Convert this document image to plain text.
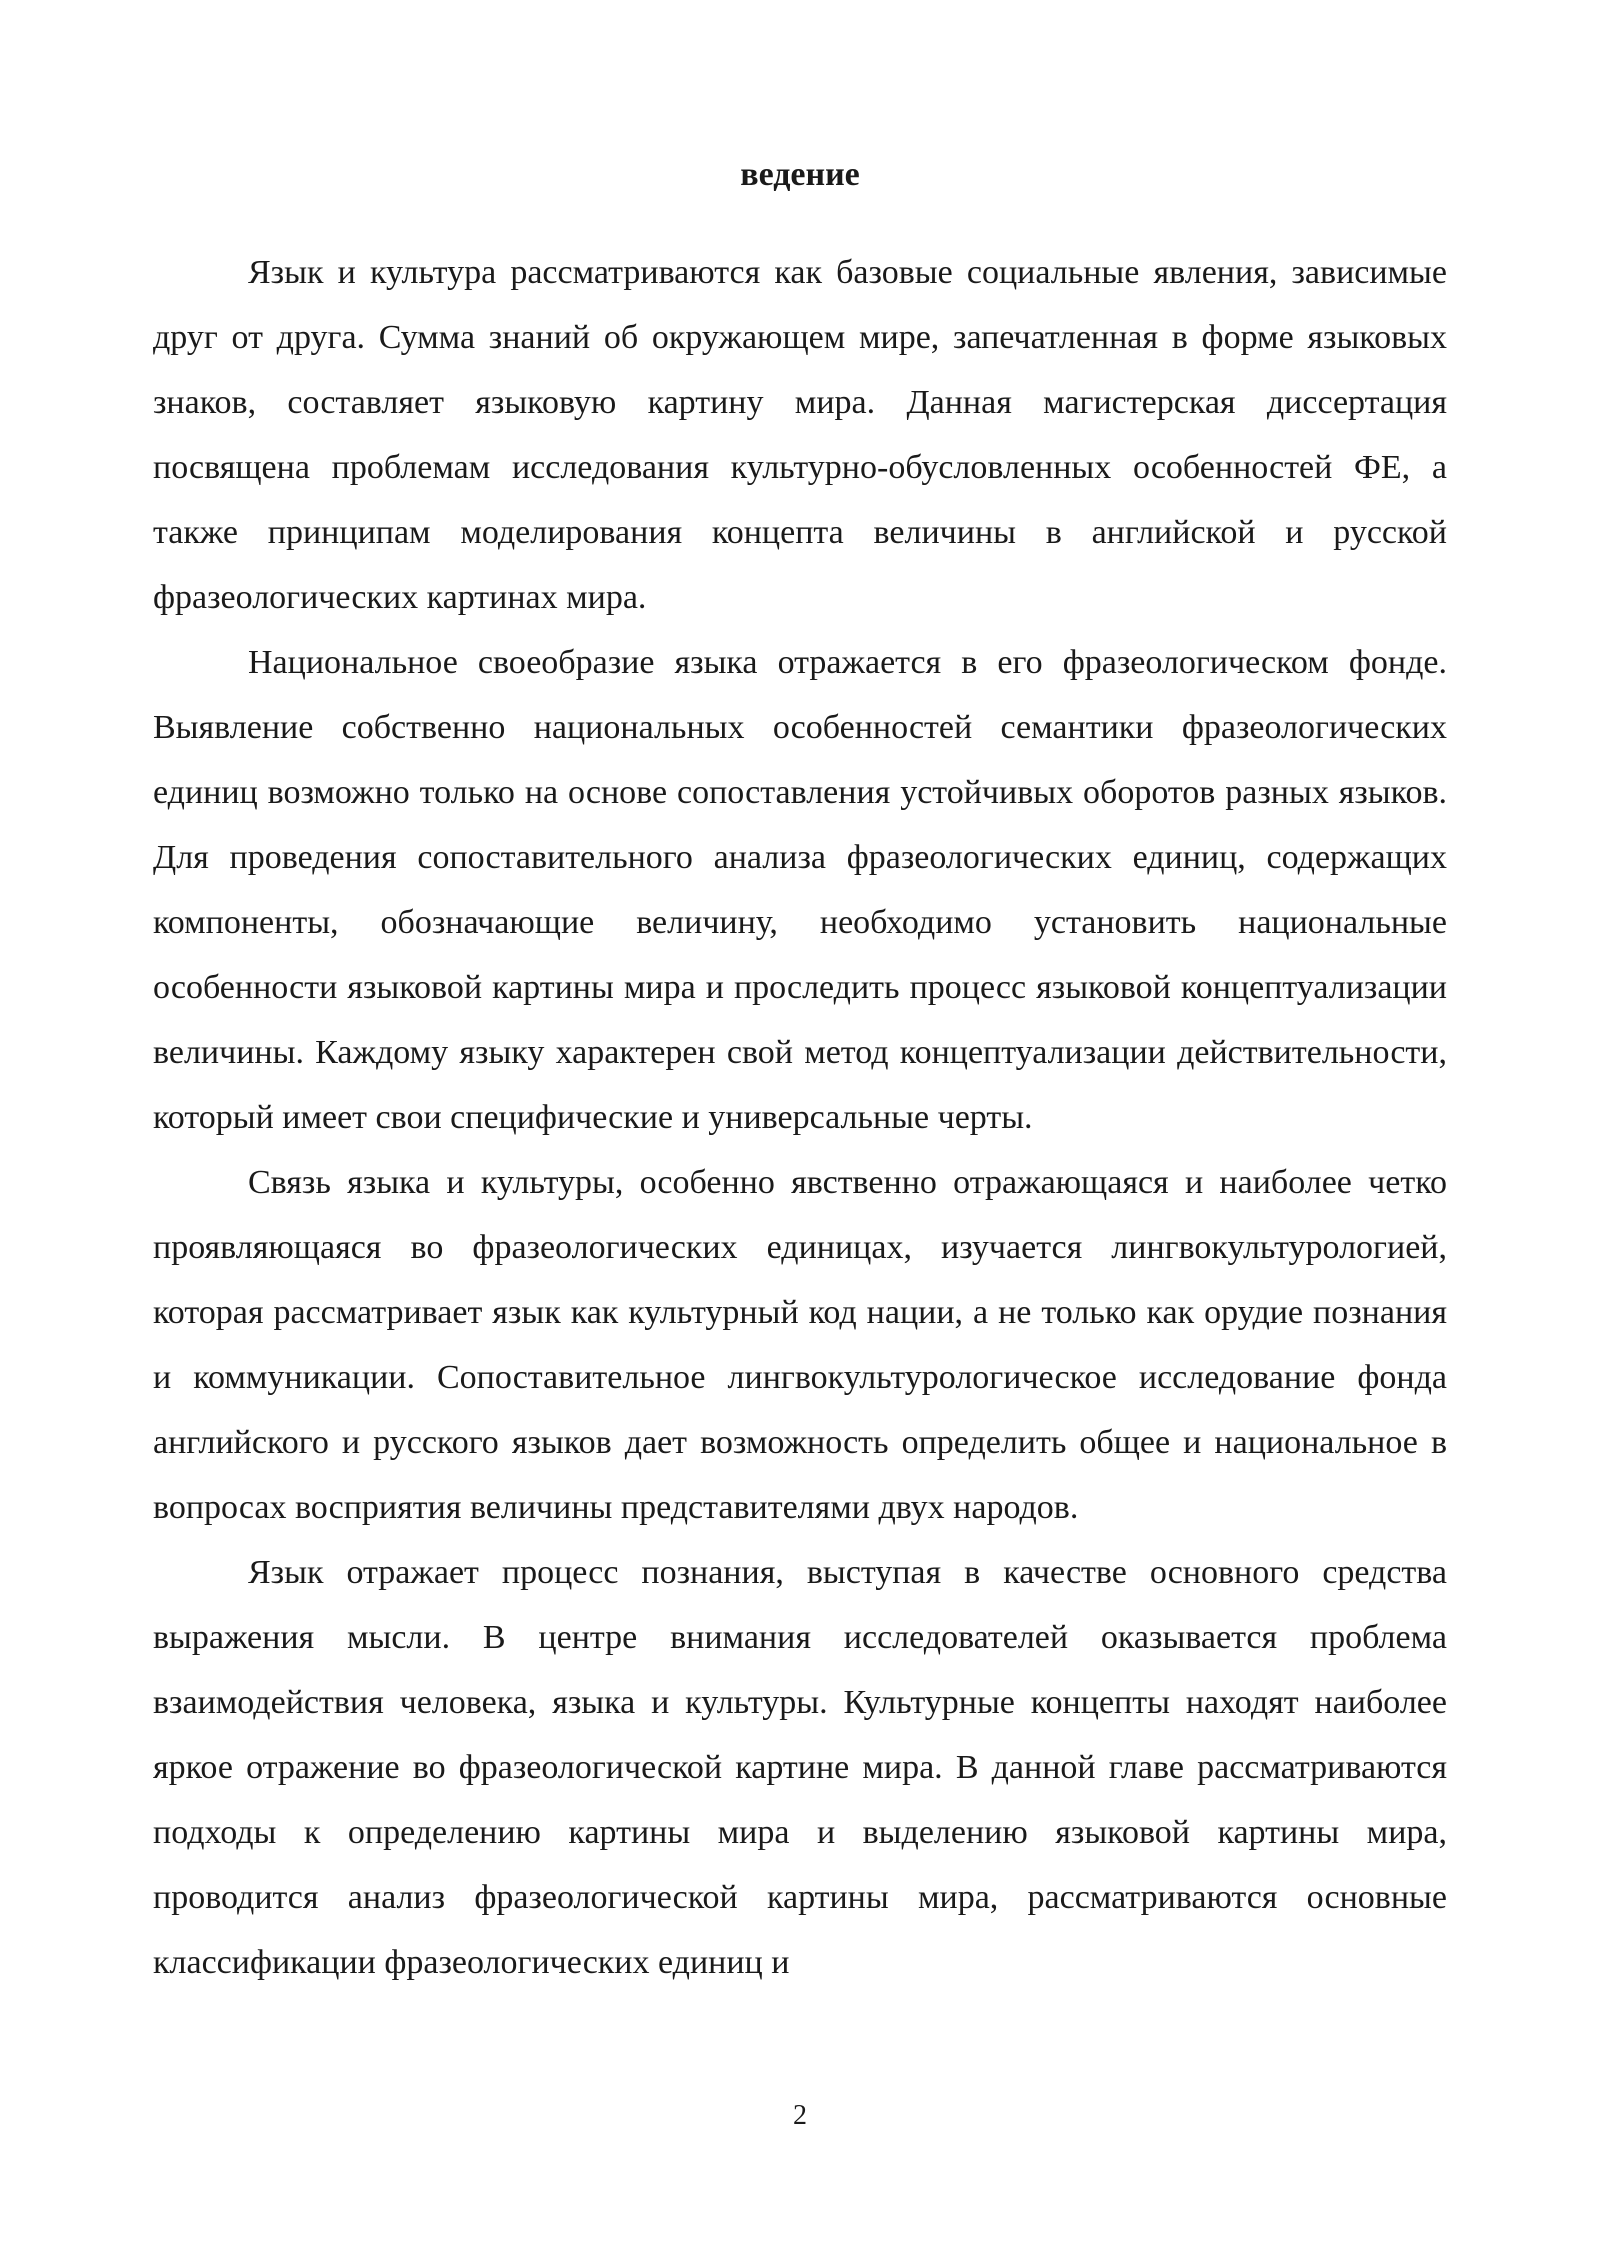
ведение

Язык и культура рассматриваются как базовые социальные явления, зависимые друг от друга. Сумма знаний об окружающем мире, запечатленная в форме языковых знаков, составляет языковую картину мира. Данная магистерская диссертация посвящена проблемам исследования культурно-обусловленных особенностей ФЕ, а также принципам моделирования концепта величины в английской и русской фразеологических картинах мира.

Национальное своеобразие языка отражается в его фразеологическом фонде. Выявление собственно национальных особенностей семантики фразеологических единиц возможно только на основе сопоставления устойчивых оборотов разных языков. Для проведения сопоставительного анализа фразеологических единиц, содержащих компоненты, обозначающие величину, необходимо установить национальные особенности языковой картины мира и проследить процесс языковой концептуализации величины. Каждому языку характерен свой метод концептуализации действительности, который имеет свои специфические и универсальные черты.

Связь языка и культуры, особенно явственно отражающаяся и наиболее четко проявляющаяся во фразеологических единицах, изучается лингвокультурологией, которая рассматривает язык как культурный код нации, а не только как орудие познания и коммуникации. Сопоставительное лингвокультурологическое исследование фонда английского и русского языков дает возможность определить общее и национальное в вопросах восприятия величины представителями двух народов.

Язык отражает процесс познания, выступая в качестве основного средства выражения мысли. В центре внимания исследователей оказывается проблема взаимодействия человека, языка и культуры. Культурные концепты находят наиболее яркое отражение во фразеологической картине мира. В данной главе рассматриваются подходы к определению картины мира и выделению языковой картины мира, проводится анализ фразеологической картины мира, рассматриваются основные классификации фразеологических единиц и

2
